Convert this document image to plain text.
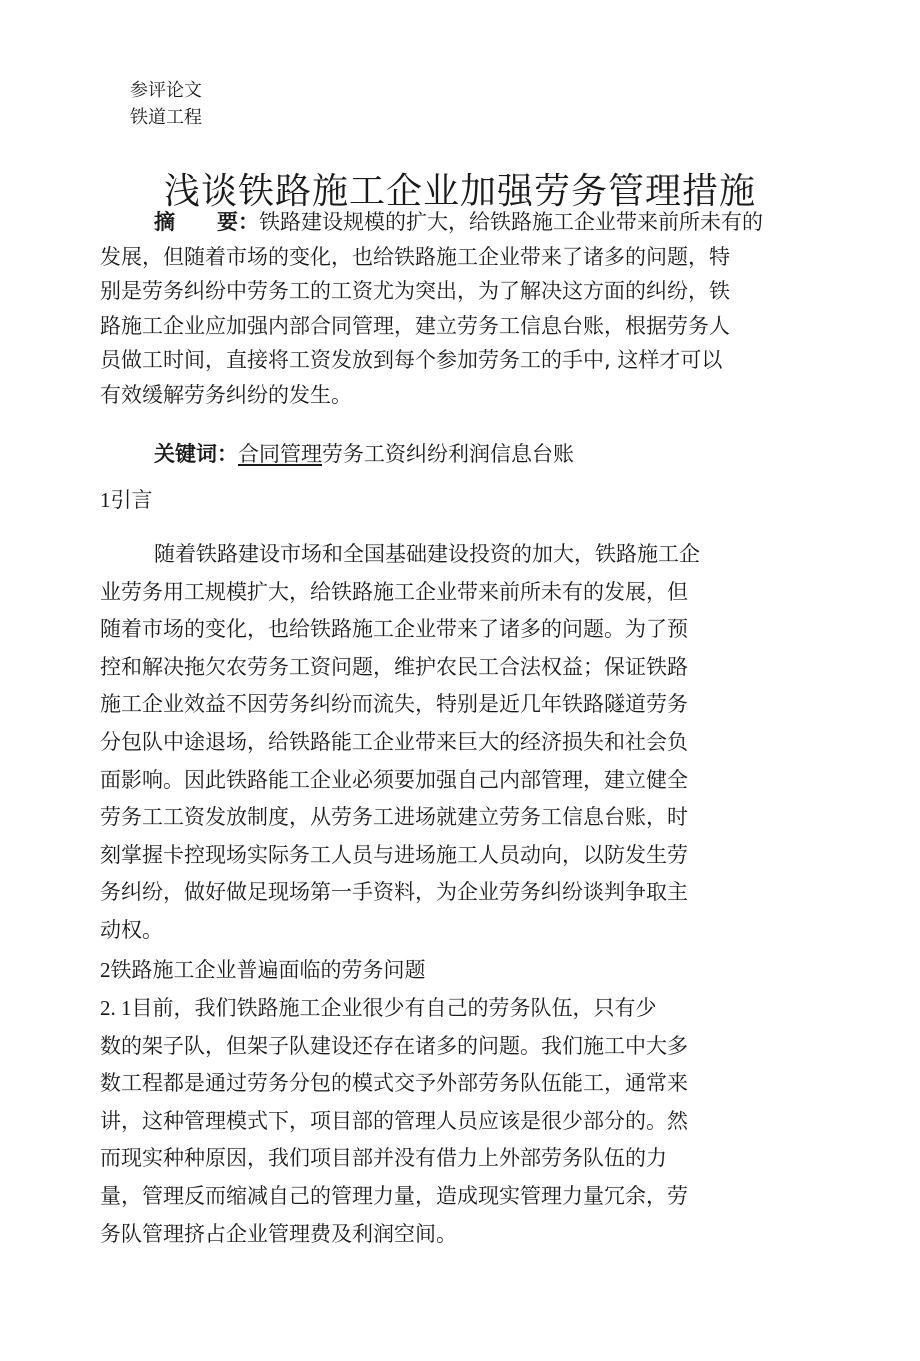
参评论文
铁道工程
浅谈铁路施工企业加强劳务管理措施
摘　　要：铁路建设规模的扩大，给铁路施工企业带来前所未有的
发展，但随着市场的变化，也给铁路施工企业带来了诸多的问题，特
别是劳务纠纷中劳务工的工资尤为突出，为了解决这方面的纠纷，铁
路施工企业应加强内部合同管理，建立劳务工信息台账，根据劳务人
员做工时间，直接将工资发放到每个参加劳务工的手中, 这样才可以
有效缓解劳务纠纷的发生。
关键词：合同管理劳务工资纠纷利润信息台账
1引言
随着铁路建设市场和全国基础建设投资的加大，铁路施工企
业劳务用工规模扩大，给铁路施工企业带来前所未有的发展，但
随着市场的变化，也给铁路施工企业带来了诸多的问题。为了预
控和解决拖欠农劳务工资问题，维护农民工合法权益；保证铁路
施工企业效益不因劳务纠纷而流失，特别是近几年铁路隧道劳务
分包队中途退场，给铁路能工企业带来巨大的经济损失和社会负
面影响。因此铁路能工企业必须要加强自己内部管理，建立健全
劳务工工资发放制度，从劳务工进场就建立劳务工信息台账，时
刻掌握卡控现场实际务工人员与进场施工人员动向，以防发生劳
务纠纷，做好做足现场第一手资料，为企业劳务纠纷谈判争取主
动权。
2铁路施工企业普遍面临的劳务问题
2. 1目前，我们铁路施工企业很少有自己的劳务队伍，只有少
数的架子队，但架子队建设还存在诸多的问题。我们施工中大多
数工程都是通过劳务分包的模式交予外部劳务队伍能工，通常来
讲，这种管理模式下，项目部的管理人员应该是很少部分的。然
而现实种种原因，我们项目部并没有借力上外部劳务队伍的力
量，管理反而缩减自己的管理力量，造成现实管理力量冗余，劳
务队管理挤占企业管理费及利润空间。
